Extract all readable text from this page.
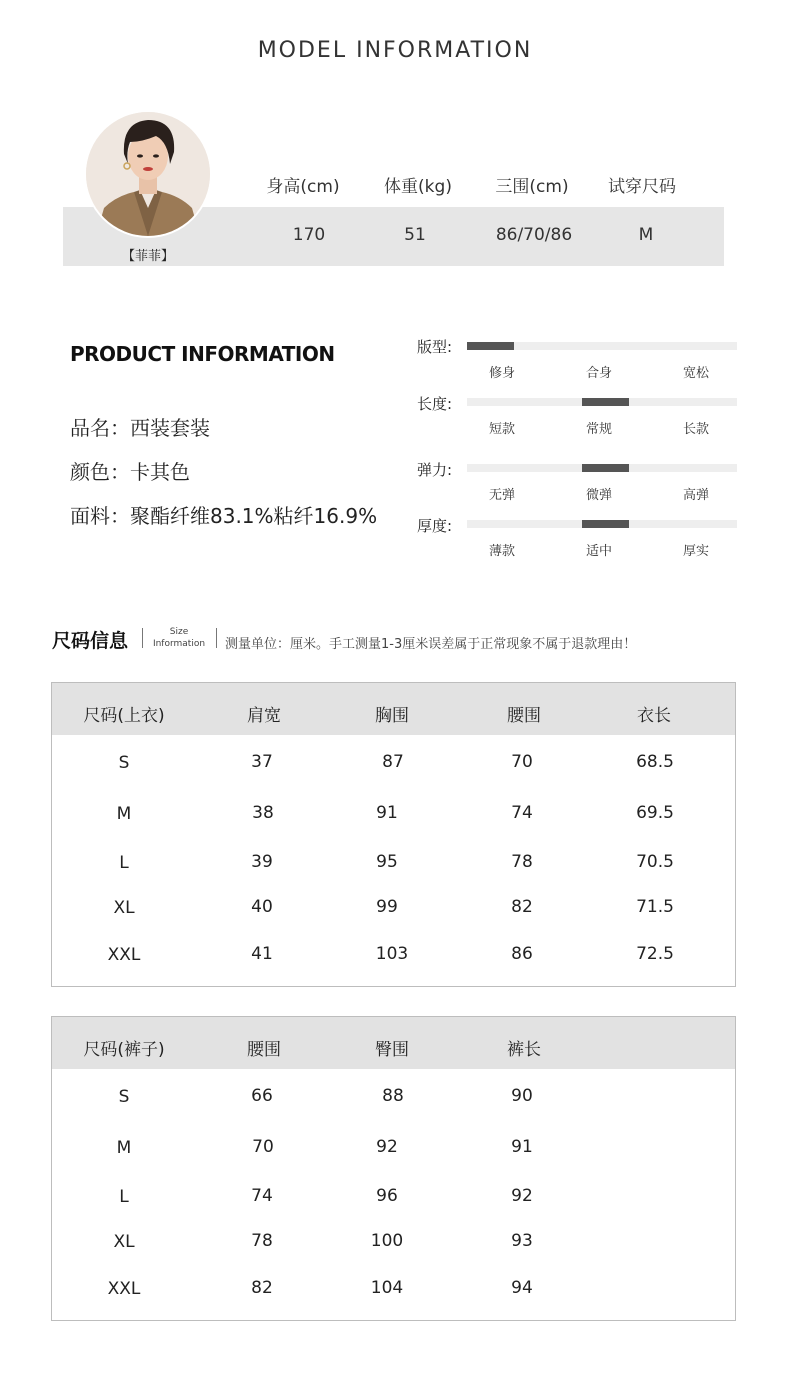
MODEL INFORMATION
【菲菲】
身高(cm)	体重(kg)	三围(cm)	试穿尺码
170	51	86/70/86	M
PRODUCT INFORMATION
品名：西装套装
颜色：卡其色
面料：聚酯纤维83.1%粘纤16.9%
版型:
修身	合身	宽松
长度:
短款	常规	长款
弹力:
无弹	微弹	高弹
厚度:
薄款	适中	厚实
尺码信息	Size
Information	测量单位：厘米。手工测量1-3厘米误差属于正常现象不属于退款理由！
尺码(上衣)	肩宽	胸围	腰围	衣长
S	37	87	70	68.5
M	38	91	74	69.5
L	39	95	78	70.5
XL	40	99	82	71.5
XXL	41	103	86	72.5
尺码(裤子)	腰围	臀围	裤长
S	66	88	90
M	70	92	91
L	74	96	92
XL	78	100	93
XXL	82	104	94
